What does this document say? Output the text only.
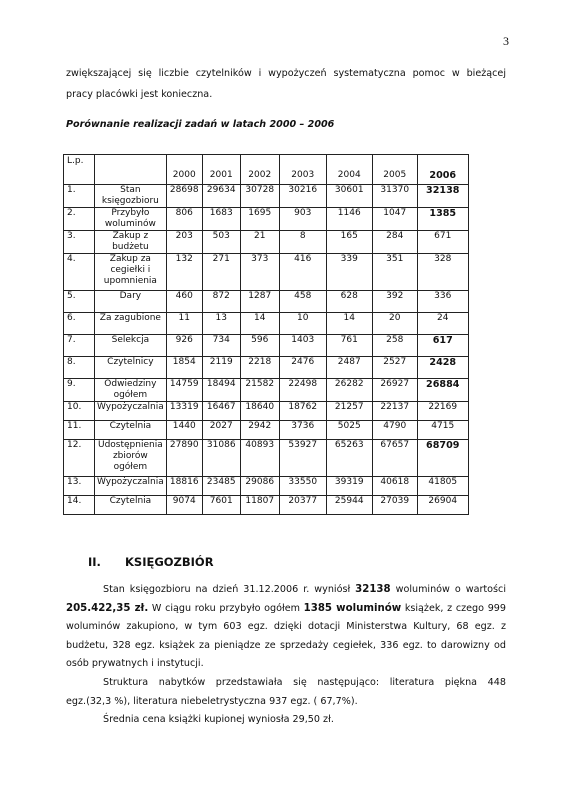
3
zwiększającej się liczbie czytelników i wypożyczeń systematyczna pomoc w bieżącej
pracy placówki jest konieczna.
Porównanie realizacji zadań w latach 2000 – 2006
L.p.		2000	2001	2002	2003	2004	2005	2006
1.	Stan księgozbioru	28698	29634	30728	30216	30601	31370	32138
2.	Przybyło woluminów	806	1683	1695	903	1146	1047	1385
3.	Zakup z budżetu	203	503	21	8	165	284	671
4.	Zakup za cegiełki i upomnienia	132	271	373	416	339	351	328
5.	Dary	460	872	1287	458	628	392	336
6.	Za zagubione	11	13	14	10	14	20	24
7.	Selekcja	926	734	596	1403	761	258	617
8.	Czytelnicy	1854	2119	2218	2476	2487	2527	2428
9.	Odwiedziny ogółem	14759	18494	21582	22498	26282	26927	26884
10.	Wypożyczalnia	13319	16467	18640	18762	21257	22137	22169
11.	Czytelnia	1440	2027	2942	3736	5025	4790	4715
12.	Udostępnienia zbiorów ogółem	27890	31086	40893	53927	65263	67657	68709
13.	Wypożyczalnia	18816	23485	29086	33550	39319	40618	41805
14.	Czytelnia	9074	7601	11807	20377	25944	27039	26904
II. KSIĘGOZBIÓR
Stan księgozbioru na dzień 31.12.2006 r. wyniósł 32138 woluminów o wartości
205.422,35 zł. W ciągu roku przybyło ogółem 1385 woluminów książek, z czego 999
woluminów zakupiono, w tym 603 egz. dzięki dotacji Ministerstwa Kultury, 68 egz. z
budżetu, 328 egz. książek za pieniądze ze sprzedaży cegiełek, 336 egz. to darowizny od
osób prywatnych i instytucji.
Struktura nabytków przedstawiała się następująco: literatura piękna 448
egz.(32,3 %), literatura niebeletrystyczna 937 egz. ( 67,7%).
Średnia cena książki kupionej wyniosła 29,50 zł.
